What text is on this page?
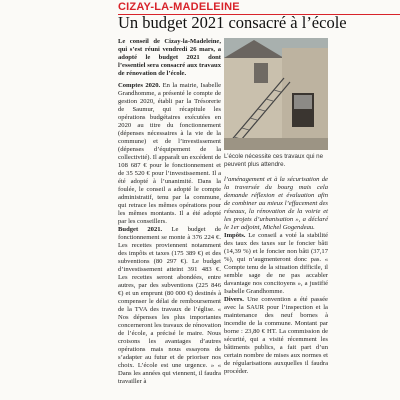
CIZAY-LA-MADELEINE
Un budget 2021 consacré à l’école

Le conseil de Cizay-la-Madeleine, qui s’est réuni vendredi 26 mars, a adopté le budget 2021 dont l’essentiel sera consacré aux travaux de rénovation de l’école.

Comptes 2020. En la mairie, Isabelle Grandhomme, a présenté le compte de gestion 2020, établi par la Trésorerie de Saumur, qui récapitule les opérations budgétaires exécutées en 2020 au titre du fonctionnement (dépenses nécessaires à la vie de la commune) et de l’investissement (dépenses d’équipement de la collectivité). Il apparaît un excédent de 108 687 € pour le fonctionnement et de 35 520 € pour l’investissement. Il a été adopté à l’unanimité. Dans la foulée, le conseil a adopté le compte administratif, tenu par la commune, qui retrace les mêmes opérations pour les mêmes montants. Il a été adopté par les conseillers.

Budget 2021. Le budget de fonctionnement se monte à 376 224 €. Les recettes proviennent notamment des impôts et taxes (175 389 €) et des subventions (80 297 €). Le budget d’investissement atteint 391 483 €. Les recettes seront abondées, entre autres, par des subventions (225 846 €) et un emprunt (80 000 €) destinés à compenser le délai de remboursement de la TVA des travaux de l’église. « Nos dépenses les plus importantes concerneront les travaux de rénovation de l’école, a précisé le maire. Nous croisons les avantages d’autres opérations mais nous essayons de s’adapter au futur et de prioriser nos choix. L’école est une urgence. » « Dans les années qui viennent, il faudra travailler à

L’école nécessite ces travaux qui ne peuvent plus attendre.

l’aménagement et à la sécurisation de la traversée du bourg mais cela demande réflexion et évaluation afin de combiner au mieux l’effacement des réseaux, la rénovation de la voirie et les projets d’urbanisation », a déclaré le 1er adjoint, Michel Gogendeau.

Impôts. Le conseil a voté la stabilité des taux des taxes sur le foncier bâti (14,39 %) et le foncier non bâti (37,17 %), qui n’augmenteront donc pas. « Compte tenu de la situation difficile, il semble sage de ne pas accabler davantage nos concitoyens », a justifié Isabelle Grandhomme.

Divers. Une convention a été passée avec la SAUR pour l’inspection et la maintenance des neuf bornes à incendie de la commune. Montant par borne : 23,80 € HT. La commission de sécurité, qui a visité récemment les bâtiments publics, a fait part d’un certain nombre de mises aux normes et de régularisations auxquelles il faudra procéder.
